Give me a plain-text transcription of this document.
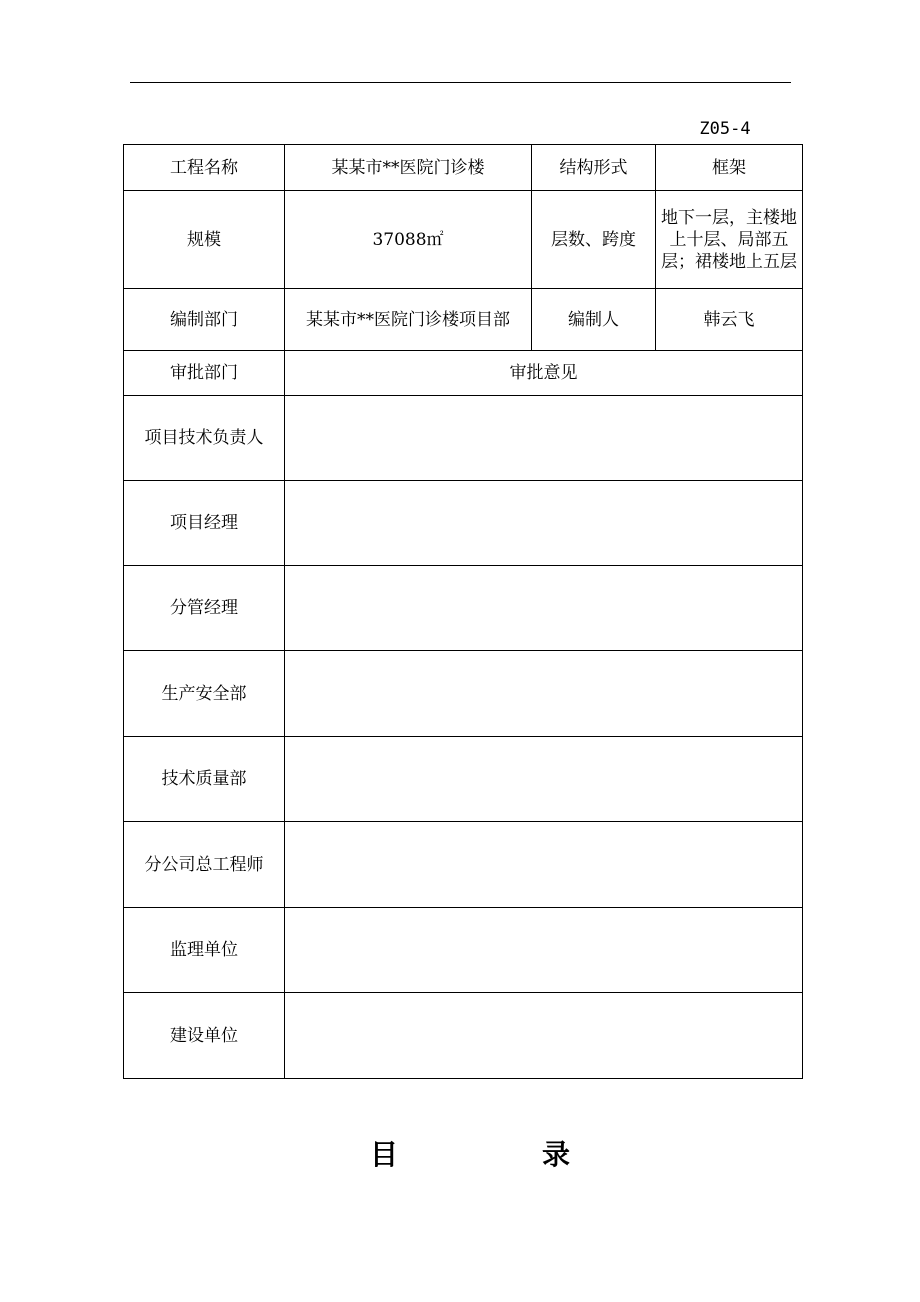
Z05-4
工程名称	某某市**医院门诊楼	结构形式	框架
规模	37088㎡	层数、跨度	地下一层，主楼地上十层、局部五层；裙楼地上五层
编制部门	某某市**医院门诊楼项目部	编制人	韩云飞
审批部门	审批意见		
项目技术负责人			
项目经理			
分管经理			
生产安全部			
技术质量部			
分公司总工程师			
监理单位			
建设单位			
目	录
